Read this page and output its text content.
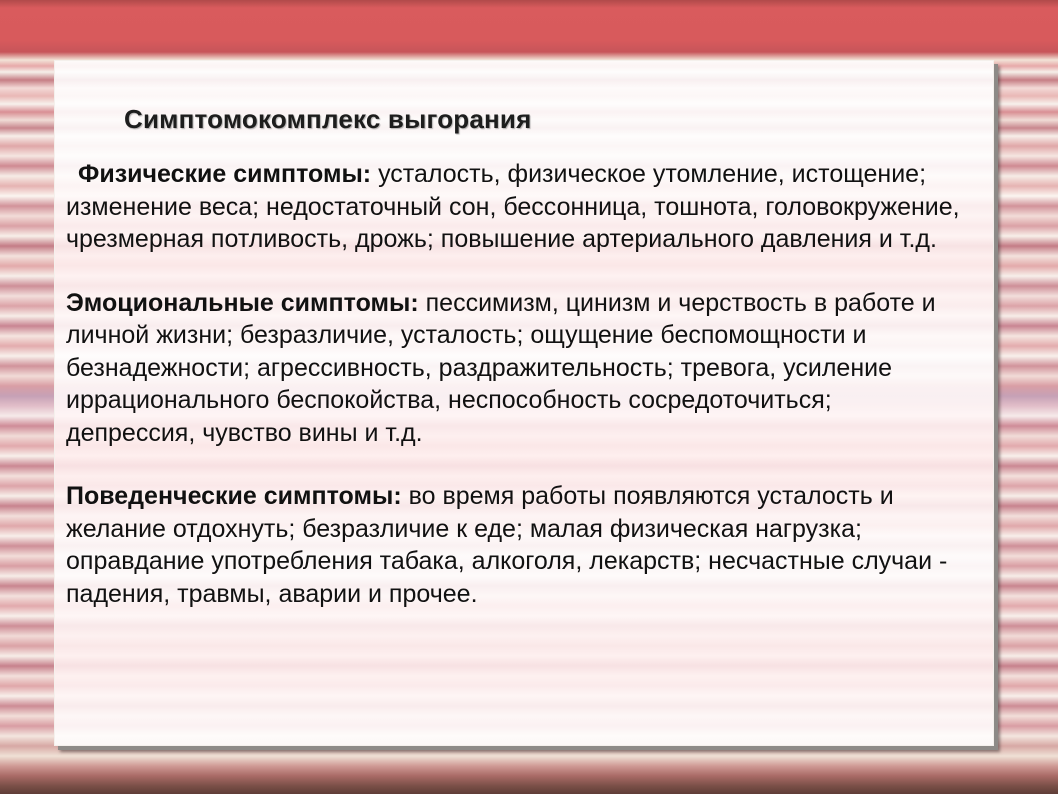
Симптомокомплекс выгорания

Физические симптомы: усталость, физическое утомление, истощение; изменение веса; недостаточный сон, бессонница, тошнота, головокружение, чрезмерная потливость, дрожь; повышение артериального давления и т.д.

Эмоциональные симптомы: пессимизм, цинизм и черствость в работе и личной жизни; безразличие, усталость; ощущение беспомощности и безнадежности; агрессивность, раздражительность; тревога, усиление иррационального беспокойства, неспособность сосредоточиться; депрессия, чувство вины и т.д.

Поведенческие симптомы: во время работы появляются усталость и желание отдохнуть; безразличие к еде; малая физическая нагрузка; оправдание употребления табака, алкоголя, лекарств; несчастные случаи - падения, травмы, аварии и прочее.
